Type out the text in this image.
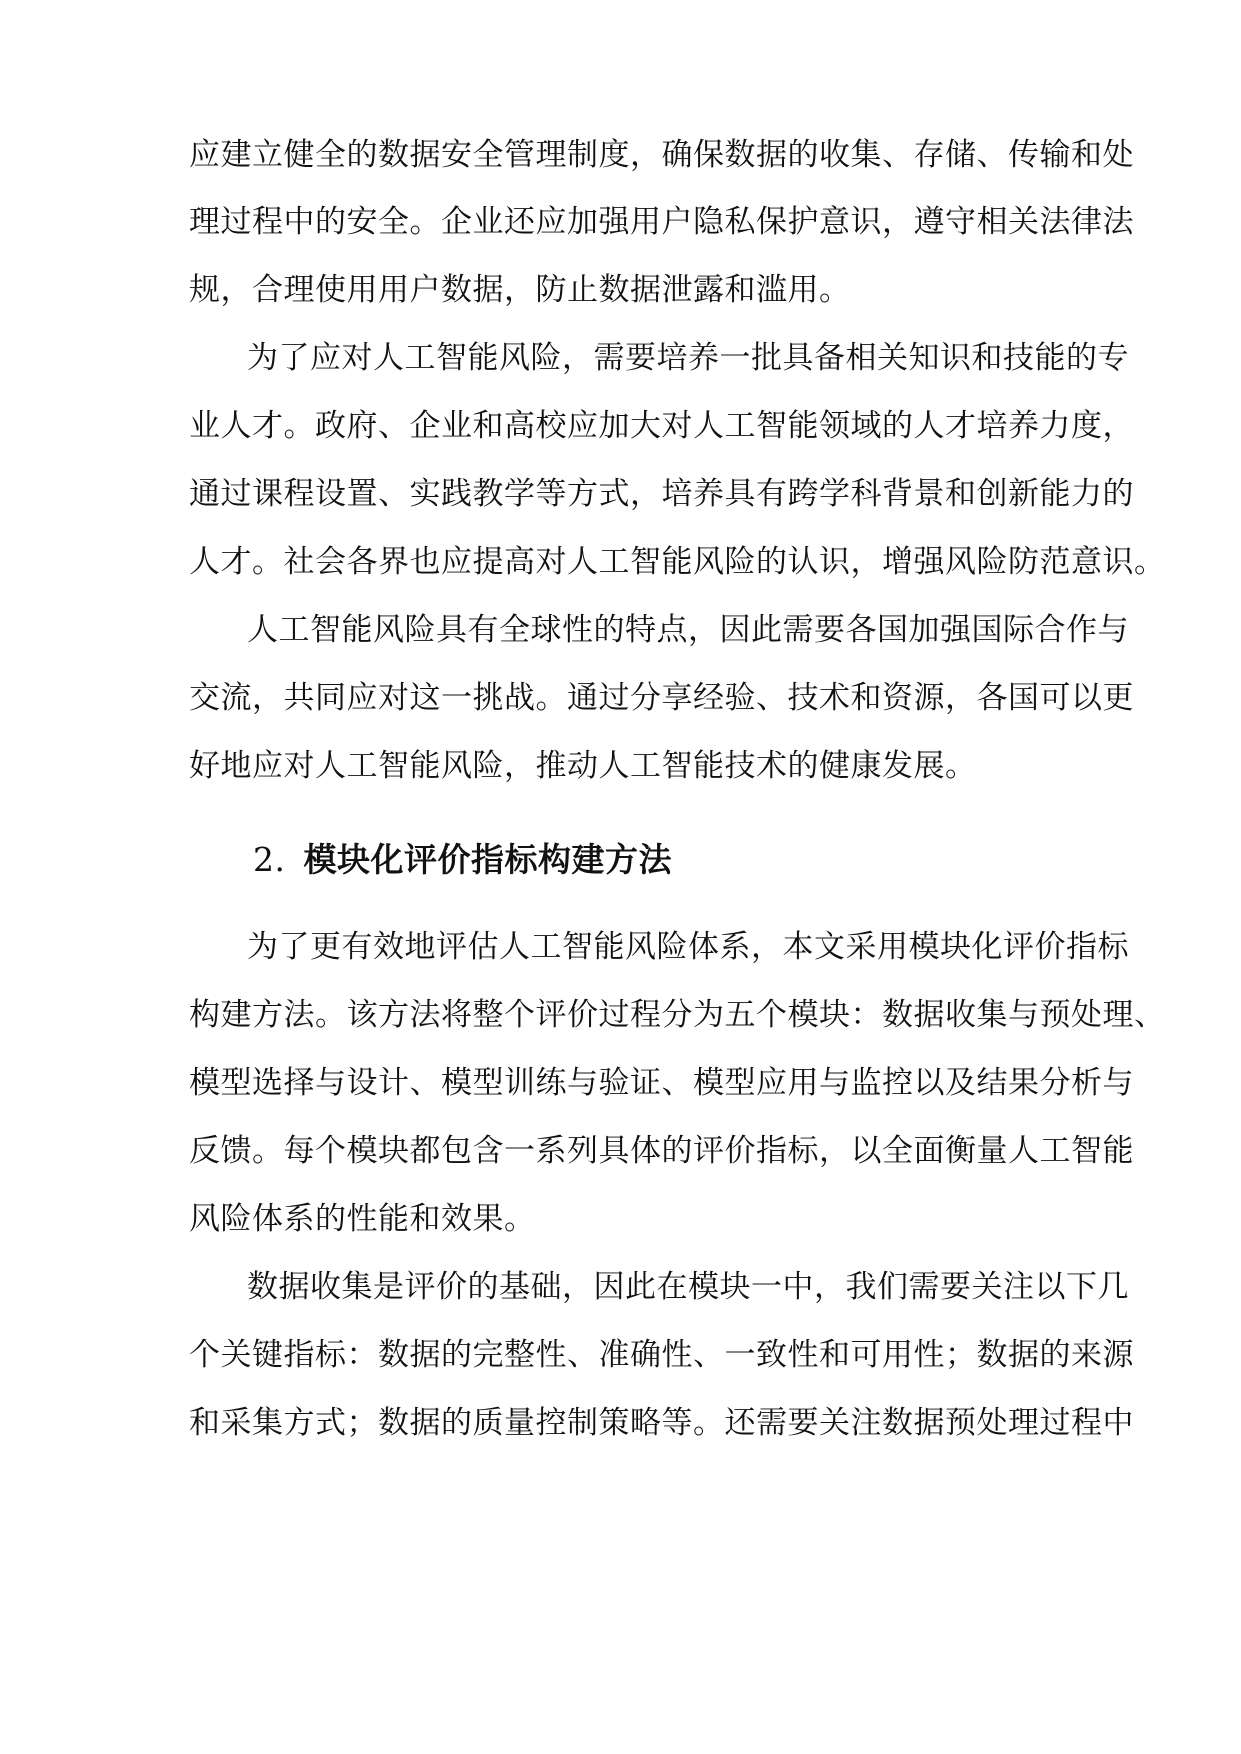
应建立健全的数据安全管理制度，确保数据的收集、存储、传输和处
理过程中的安全。企业还应加强用户隐私保护意识，遵守相关法律法
规，合理使用用户数据，防止数据泄露和滥用。
为了应对人工智能风险，需要培养一批具备相关知识和技能的专
业人才。政府、企业和高校应加大对人工智能领域的人才培养力度，
通过课程设置、实践教学等方式，培养具有跨学科背景和创新能力的
人才。社会各界也应提高对人工智能风险的认识，增强风险防范意识。
人工智能风险具有全球性的特点，因此需要各国加强国际合作与
交流，共同应对这一挑战。通过分享经验、技术和资源，各国可以更
好地应对人工智能风险，推动人工智能技术的健康发展。
2. 模块化评价指标构建方法
为了更有效地评估人工智能风险体系，本文采用模块化评价指标
构建方法。该方法将整个评价过程分为五个模块：数据收集与预处理、
模型选择与设计、模型训练与验证、模型应用与监控以及结果分析与
反馈。每个模块都包含一系列具体的评价指标，以全面衡量人工智能
风险体系的性能和效果。
数据收集是评价的基础，因此在模块一中，我们需要关注以下几
个关键指标：数据的完整性、准确性、一致性和可用性；数据的来源
和采集方式；数据的质量控制策略等。还需要关注数据预处理过程中
